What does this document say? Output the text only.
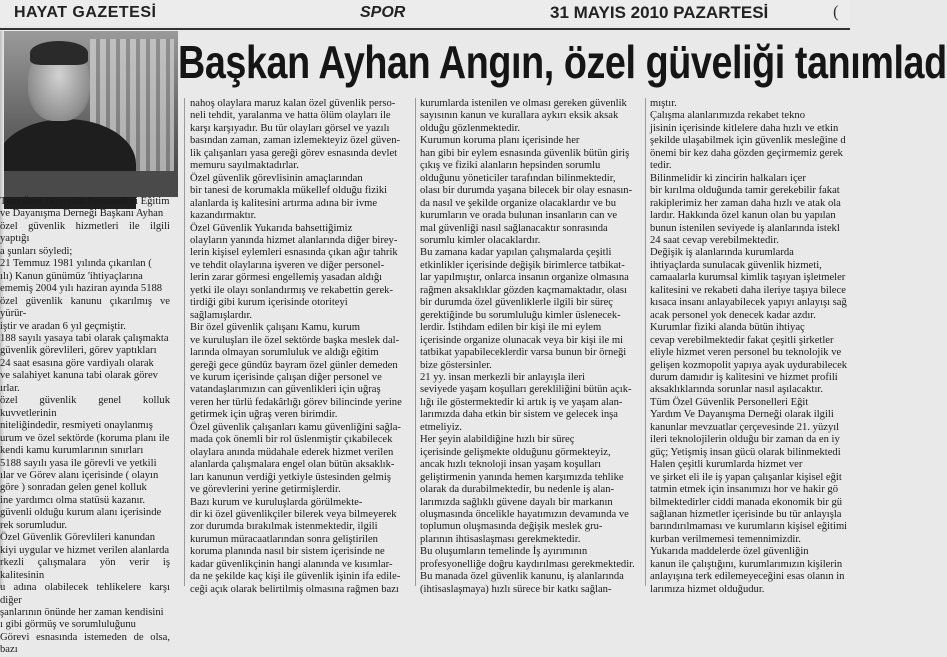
HAYAT GAZETESİ	SPOR	31 MAYIS 2010 PAZARTESİ	(
Başkan Ayhan Angın, özel güveliği tanımlad

Tüm Özel Güvenlik Personelleri Eğitim

ve Dayanışma Derneği Başkanı Ayhan

özel güvenlik hizmetleri ile ilgili yaptığı

a şunları söyledi;

21 Temmuz 1981 yılında çıkarılan (

ılı) Kanun günümüz 'ihtiyaçlarına

ememiş 2004 yılı haziran ayında 5188

özel güvenlik kanunu çıkarılmış ve yürür-

iştir ve aradan 6 yıl geçmiştir.

188 sayılı yasaya tabi olarak çalışmakta

güvenlik görevlileri, görev yaptıkları

24 saat esasına göre vardiyalı olarak

ve salahiyet kanuna tabi olarak görev

ırlar.

özel güvenlik genel kolluk kuvvetlerinin

niteliğindedir, resmiyeti onaylanmış

urum ve özel sektörde (koruma planı ile

kendi kamu kurumlarının sınırları

5188 sayılı yasa ile görevli ve yetkili

ılar ve Görev alanı içerisinde ( olayın

göre ) sonradan gelen genel kolluk

ine yardımcı olma statüsü kazanır.

güvenli olduğu kurum alanı içerisinde

rek sorumludur.

Özel Güvenlik Görevlileri kanundan

kiyi uygular ve hizmet verilen alanlarda

rkezli çalışmalara yön verir iş kalitesinin

u adına olabilecek tehlikelere karşı diğer

şanlarının önünde her zaman kendisini

ı gibi görmüş ve sorumluluğunu

Görevi esnasında istemeden de olsa, bazı

nahoş olaylara maruz kalan özel güvenlik perso-

neli tehdit, yaralanma ve hatta ölüm olayları ile

karşı karşıyadır. Bu tür olayları görsel ve yazılı

basından zaman, zaman izlemekteyiz özel güven-

lik çalışanları yasa gereği görev esnasında devlet

memuru sayılmaktadırlar.

Özel güvenlik görevlisinin amaçlarından

bir tanesi de korumakla mükellef olduğu fiziki

alanlarda iş kalitesini artırma adına bir ivme

kazandırmaktır.

Özel Güvenlik Yukarıda bahsettiğimiz

olayların yanında hizmet alanlarında diğer birey-

lerin kişisel eylemleri esnasında çıkan ağır tahrik

ve tehdit olaylarına işveren ve diğer personel-

lerin zarar görmesi engellemiş yasadan aldığı

yetki ile olayı sonlandırmış ve rekabettin gerek-

tirdiği gibi kurum içerisinde otoriteyi

sağlamışlardır.

Bir özel güvenlik çalışanı Kamu, kurum

ve kuruluşları ile özel sektörde başka meslek dal-

larında olmayan sorumluluk ve aldığı eğitim

gereği gece gündüz bayram özel günler demeden

ve kurum içerisinde çalışan diğer personel ve

vatandaşlarımızın can güvenlikleri için uğraş

veren her türlü fedakârlığı görev bilincinde yerine

getirmek için uğraş veren birimdir.

Özel güvenlik çalışanları kamu güvenliğini sağla-

mada çok önemli bir rol üslenmiştir çıkabilecek

olaylara anında müdahale ederek hizmet verilen

alanlarda çalışmalara engel olan bütün aksaklık-

ları kanunun verdiği yetkiyle üstesinden gelmiş

ve görevlerini yerine getirmişlerdir.

Bazı kurum ve kuruluşlarda görülmekte-

dir ki özel güvenlikçiler bilerek veya bilmeyerek

zor durumda bırakılmak istenmektedir, ilgili

kurumun müracaatlarından sonra geliştirilen

koruma planında nasıl bir sistem içerisinde ne

kadar güvenlikçinin hangi alanında ve kısımlar-

da ne şekilde kaç kişi ile güvenlik işinin ifa edile-

ceği açık olarak belirtilmiş olmasına rağmen bazı

kurumlarda istenilen ve olması gereken güvenlik

sayısının kanun ve kurallara aykırı eksik aksak

olduğu gözlenmektedir.

Kurumun koruma planı içerisinde her

han gibi bir eylem esnasında güvenlik bütün giriş

çıkış ve fiziki alanların hepsinden sorumlu

olduğunu yöneticiler tarafından bilinmektedir,

olası bir durumda yaşana bilecek bir olay esnasın-

da nasıl ve şekilde organize olacaklardır ve bu

kurumların ve orada bulunan insanların can ve

mal güvenliği nasıl sağlanacaktır sonrasında

sorumlu kimler olacaklardır.

Bu zamana kadar yapılan çalışmalarda çeşitli

etkinlikler içerisinde değişik birimlerce tatbikat-

lar yapılmıştır, onlarca insanın organize olmasına

rağmen aksaklıklar gözden kaçmamaktadır, olası

bir durumda özel güvenliklerle ilgili bir süreç

gerektiğinde bu sorumluluğu kimler üslenecek-

lerdir. İstihdam edilen bir kişi ile mi eylem

içerisinde organize olunacak veya bir kişi ile mi

tatbikat yapabileceklerdir varsa bunun bir örneği

bize göstersinler.

21 yy. insan merkezli bir anlayışla ileri

seviyede yaşam koşulları gerekliliğini bütün açık-

lığı ile göstermektedir ki artık iş ve yaşam alan-

larımızda daha etkin bir sistem ve gelecek inşa

etmeliyiz.

Her şeyin alabildiğine hızlı bir süreç

içerisinde gelişmekte olduğunu görmekteyiz,

ancak hızlı teknoloji insan yaşam koşulları

geliştirmenin yanında hemen karşımızda tehlike

olarak da durabilmektedir, bu nedenle iş alan-

larımızda sağlıklı güvene dayalı bir markanın

oluşmasında öncelikle hayatımızın devamında ve

toplumun oluşmasında değişik meslek gru-

plarının ihtisaslaşması gerekmektedir.

Bu oluşumların temelinde İş ayırımının

profesyonelliğe doğru kaydırılması gerekmektedir.

Bu manada özel güvenlik kanunu, iş alanlarında

(ihtisaslaşmaya) hızlı sürece bir katkı sağlan-

mıştır.

Çalışma alanlarımızda rekabet tekno

jisinin içerisinde kitlelere daha hızlı ve etkin

şekilde ulaşabilmek için güvenlik mesleğine d

önemi bir kez daha gözden geçirmemiz gerek

tedir.

Bilinmelidir ki zincirin halkaları içer

bir kırılma olduğunda tamir gerekebilir fakat

rakiplerimiz her zaman daha hızlı ve atak ola

lardır. Hakkında özel kanun olan bu yapılan

bunun istenilen seviyede iş alanlarında istekl

24 saat cevap verebilmektedir.

Değişik iş alanlarında kurumlarda

ihtiyaçlarda sunulacak güvenlik hizmeti,

camaalarla kurumsal kimlik taşıyan işletmeler

kalitesini ve rekabeti daha ileriye taşıya bilece

kısaca insanı anlayabilecek yapıyı anlayışı sağ

acak personel yok denecek kadar azdır.

Kurumlar fiziki alanda bütün ihtiyaç

cevap verebilmektedir fakat çeşitli şirketler

eliyle hizmet veren personel bu teknolojik ve

gelişen kozmopolit yapıya ayak uydurabilecek

durum damıdır iş kalitesini ve hizmet profili

aksaklıklarında sorunlar nasıl aşılacaktır.

Tüm Özel Güvenlik Personelleri Eğit

Yardım Ve Dayanışma Derneği olarak ilgili

kanunlar mevzuatlar çerçevesinde 21. yüzyıl

ileri teknolojilerin olduğu bir zaman da en iy

güç; Yetişmiş insan gücü olarak bilinmektedi

Halen çeşitli kurumlarda hizmet ver

ve şirket eli ile iş yapan çalışanlar kişisel eğit

tatmin etmek için insanımızı hor ve hakir gö

bilmektedirler ciddi manada ekonomik bir gü

sağlanan hizmetler içerisinde bu tür anlayışla

barındırılmaması ve kurumların kişisel eğitimi

kurban verilmemesi temennimizdir.

Yukarıda maddelerde özel güvenliğin

kanun ile çalıştığını, kurumlarımızın kişilerin

anlayışına terk edilemeyeceğini esas olanın in

larımıza hizmet olduğudur.
